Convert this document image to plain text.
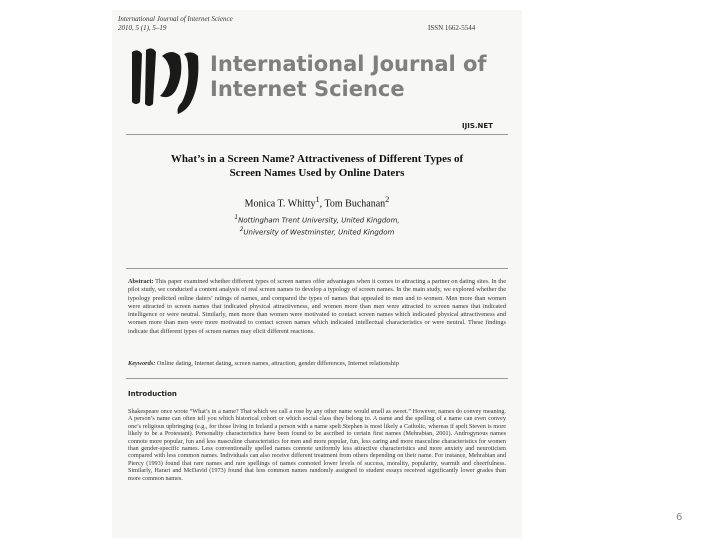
International Journal of Internet Science
2010, 5 (1), 5–19	ISSN 1662-5544
International Journal of
Internet Science
IJIS.NET
What’s in a Screen Name? Attractiveness of Different Types of
Screen Names Used by Online Daters
Monica T. Whitty$^1$, Tom Buchanan$^2$
$^1$Nottingham Trent University, United Kingdom,
$^2$University of Westminster, United Kingdom
Abstract: This paper examined whether different types of screen names offer advantages when it comes to attracting a partner on dating sites. In the pilot study, we conducted a content analysis of real screen names to develop a typology of screen names. In the main study, we explored whether the typology predicted online daters’ ratings of names, and compared the types of names that appealed to men and to women. Men more than women were attracted to screen names that indicated physical attractiveness, and women more than men were attracted to screen names that indicated intelligence or were neutral. Similarly, men more than women were motivated to contact screen names which indicated physical attractiveness and women more than men were more motivated to contact screen names which indicated intellectual characteristics or were neutral. These findings indicate that different types of screen names may elicit different reactions.
Keywords: Online dating, Internet dating, screen names, attraction, gender differences, Internet relationship
Introduction
Shakespeare once wrote “What’s in a name? That which we call a rose by any other name would smell as sweet.” However, names do convey meaning. A person’s name can often tell you which historical cohort or which social class they belong to. A name and the spelling of a name can even convey one’s religious upbringing (e.g., for those living in Ireland a person with a name spelt Stephen is most likely a Catholic, whereas if spelt Steven is more likely to be a Protestant). Personality characteristics have been found to be ascribed to certain first names (Mehrabian, 2001). Androgynous names connote more popular, fun and less masculine characteristics for men and more popular, fun, less caring and more masculine characteristics for women than gender-specific names. Less conventionally spelled names connote uniformly less attractive characteristics and more anxiety and neuroticism compared with less common names. Individuals can also receive different treatment from others depending on their name. For instance, Mehrabian and Piercy (1993) found that rare names and rare spellings of names connoted lower levels of success, morality, popularity, warmth and cheerfulness. Similarly, Harari and McDavid (1973) found that less common names randomly assigned to student essays received significantly lower grades than more common names.
6
